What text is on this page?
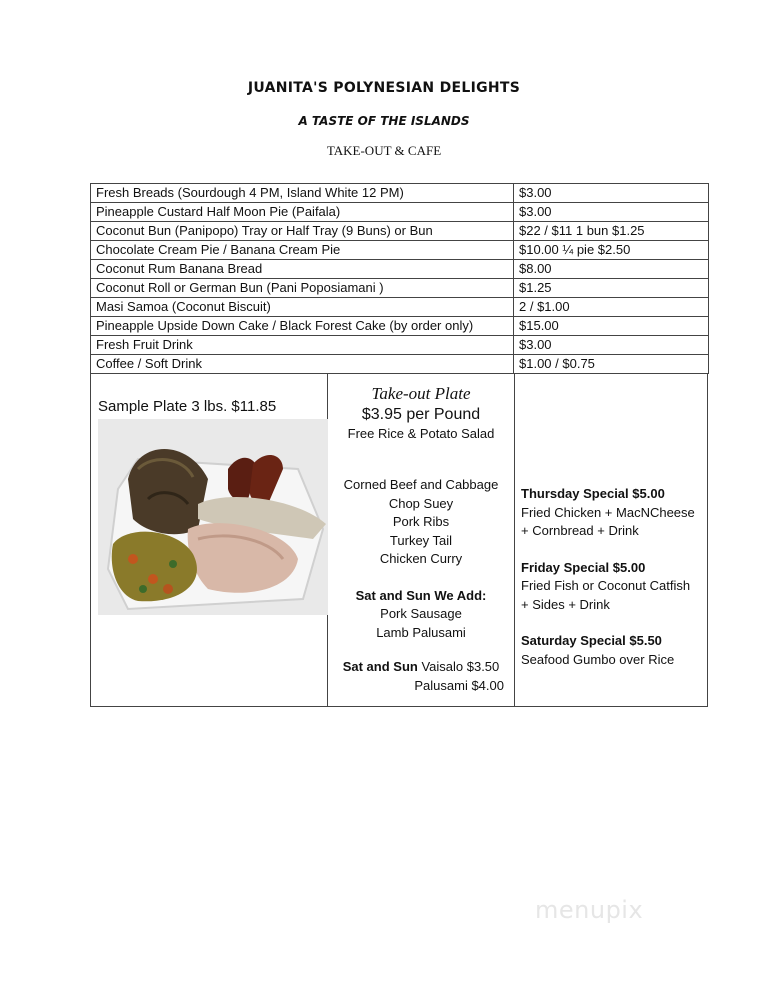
JUANITA'S POLYNESIAN DELIGHTS
A TASTE OF THE ISLANDS
TAKE-OUT & CAFE
Fresh Breads (Sourdough 4 PM, Island White 12 PM)	$3.00
Pineapple Custard Half Moon Pie (Paifala)	$3.00
Coconut Bun (Panipopo) Tray or Half Tray (9 Buns) or Bun	$22 / $11 1 bun $1.25
Chocolate Cream Pie / Banana Cream Pie	$10.00 ¼ pie $2.50
Coconut Rum Banana Bread	$8.00
Coconut Roll or German Bun (Pani Poposiamani )	$1.25
Masi Samoa (Coconut Biscuit)	2 / $1.00
Pineapple Upside Down Cake / Black Forest Cake (by order only)	$15.00
Fresh Fruit Drink	$3.00
Coffee / Soft Drink	$1.00 / $0.75
Sample Plate 3 lbs. $11.85
Take-out Plate
$3.95 per Pound
Free Rice & Potato Salad
Corned Beef and Cabbage
Chop Suey
Pork Ribs
Turkey Tail
Chicken Curry
Sat and Sun We Add:
Pork Sausage
Lamb Palusami
Sat and Sun Vaisalo $3.50
Palusami $4.00
Thursday Special $5.00
Fried Chicken + MacNCheese
+ Cornbread + Drink
Friday Special $5.00
Fried Fish or Coconut Catfish
+ Sides + Drink
Saturday Special $5.50
Seafood Gumbo over Rice
menupix
